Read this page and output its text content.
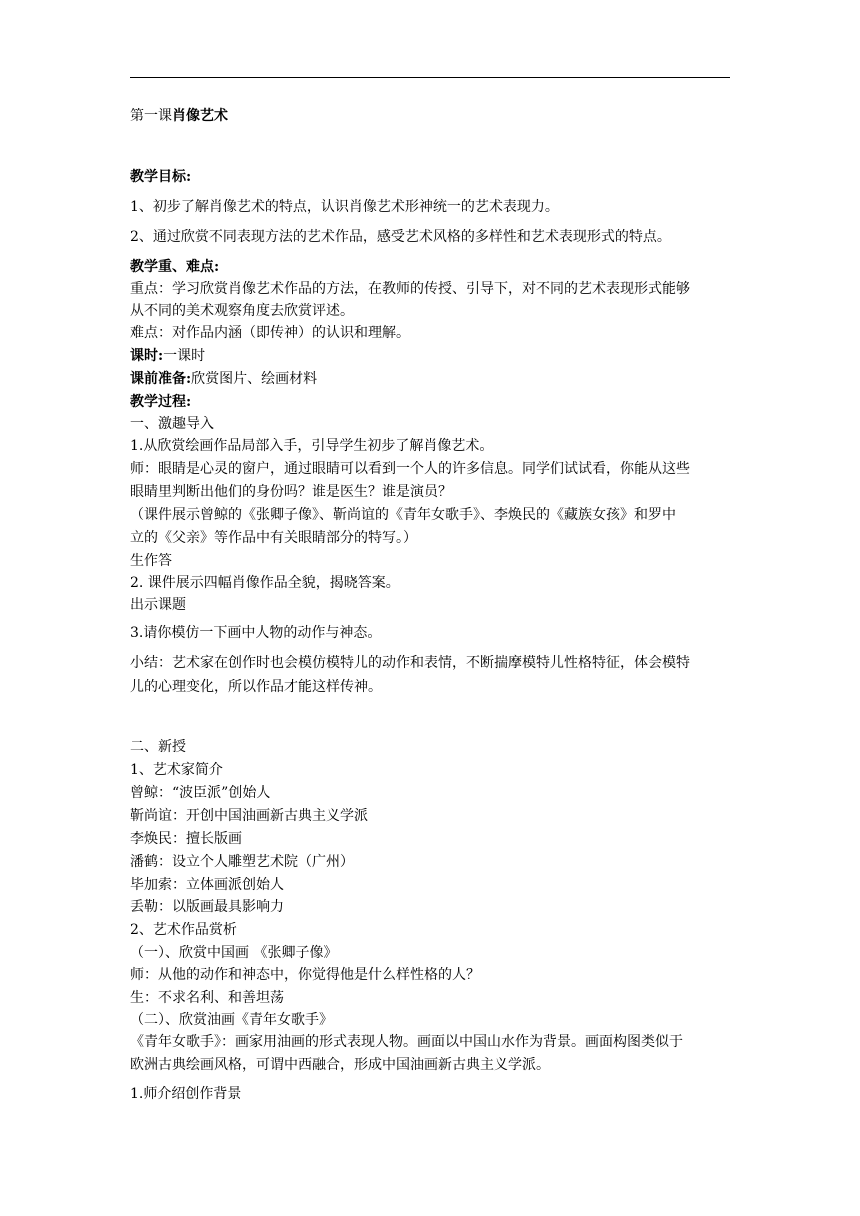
第一课肖像艺术
教学目标:
1、初步了解肖像艺术的特点，认识肖像艺术形神统一的艺术表现力。
2、通过欣赏不同表现方法的艺术作品，感受艺术风格的多样性和艺术表现形式的特点。
教学重、难点:
重点：学习欣赏肖像艺术作品的方法，在教师的传授、引导下，对不同的艺术表现形式能够
从不同的美术观察角度去欣赏评述。
难点：对作品内涵（即传神）的认识和理解。
课时:一课时
课前准备:欣赏图片、绘画材料
教学过程:
一、激趣导入
1.从欣赏绘画作品局部入手，引导学生初步了解肖像艺术。
师：眼睛是心灵的窗户，通过眼睛可以看到一个人的许多信息。同学们试试看，你能从这些
眼睛里判断出他们的身份吗？谁是医生？谁是演员？
（课件展示曾鲸的《张卿子像》、靳尚谊的《青年女歌手》、李焕民的《藏族女孩》和罗中
立的《父亲》等作品中有关眼睛部分的特写。）
生作答
2. 课件展示四幅肖像作品全貌，揭晓答案。
出示课题
3.请你模仿一下画中人物的动作与神态。
小结：艺术家在创作时也会模仿模特儿的动作和表情，不断揣摩模特儿性格特征，体会模特
儿的心理变化，所以作品才能这样传神。
二、新授
1、艺术家简介
曾鲸：“波臣派”创始人
靳尚谊：开创中国油画新古典主义学派
李焕民：擅长版画
潘鹤：设立个人雕塑艺术院（广州）
毕加索：立体画派创始人
丢勒：以版画最具影响力
2、艺术作品赏析
（一）、欣赏中国画 《张卿子像》
师：从他的动作和神态中，你觉得他是什么样性格的人？
生：不求名利、和善坦荡
（二）、欣赏油画《青年女歌手》
《青年女歌手》：画家用油画的形式表现人物。画面以中国山水作为背景。画面构图类似于
欧洲古典绘画风格，可谓中西融合，形成中国油画新古典主义学派。
1.师介绍创作背景
